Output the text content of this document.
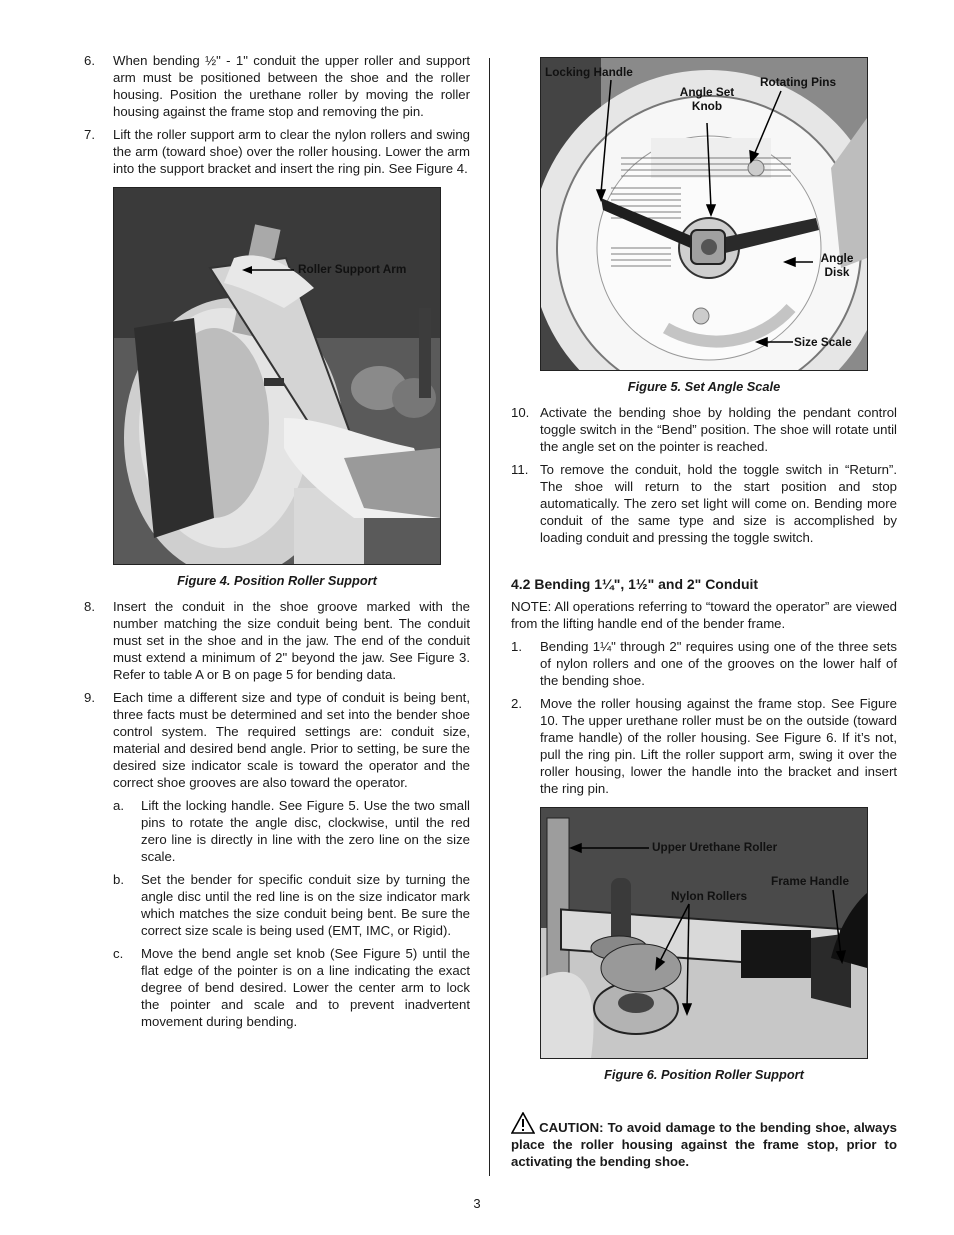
6. When bending ½" - 1" conduit the upper roller and support arm must be positioned between the shoe and the roller housing. Position the urethane roller by moving the roller housing against the frame stop and removing the pin.
7. Lift the roller support arm to clear the nylon rollers and swing the arm (toward shoe) over the roller housing. Lower the arm into the support bracket and insert the ring pin. See Figure 4.
Roller Support Arm
Figure 4. Position Roller Support
8. Insert the conduit in the shoe groove marked with the number matching the size conduit being bent. The conduit must set in the shoe and in the jaw. The end of the conduit must extend a minimum of 2" beyond the jaw. See Figure 3. Refer to table A or B on page 5 for bending data.
9. Each time a different size and type of conduit is being bent, three facts must be determined and set into the bender shoe control system. The required settings are: conduit size, material and desired bend angle. Prior to setting, be sure the desired size indicator scale is toward the operator and the correct shoe grooves are also toward the operator.
a. Lift the locking handle. See Figure 5. Use the two small pins to rotate the angle disc, clockwise, until the red zero line is directly in line with the zero line on the size scale.
b. Set the bender for specific conduit size by turning the angle disc until the red line is on the size indicator mark which matches the size conduit being bent. Be sure the correct size scale is being used (EMT, IMC, or Rigid).
c. Move the bend angle set knob (See Figure 5) until the flat edge of the pointer is on a line indicating the exact degree of bend desired. Lower the center arm to lock the pointer and scale and to prevent inadvertent movement during bending.
Locking Handle
Angle Set Knob
Rotating Pins
Angle Disk
Size Scale
Figure 5. Set Angle Scale
10. Activate the bending shoe by holding the pendant control toggle switch in the “Bend” position. The shoe will rotate until the angle set on the pointer is reached.
11. To remove the conduit, hold the toggle switch in “Return”. The shoe will return to the start position and stop automatically. The zero set light will come on. Bending more conduit of the same type and size is accomplished by loading conduit and pressing the toggle switch.
4.2 Bending 1¼", 1½" and 2" Conduit
NOTE: All operations referring to “toward the operator” are viewed from the lifting handle end of the bender frame.
1. Bending 1¼" through 2" requires using one of the three sets of nylon rollers and one of the grooves on the lower half of the bending shoe.
2. Move the roller housing against the frame stop. See Figure 10. The upper urethane roller must be on the outside (toward frame handle) of the roller housing. See Figure 6. If it’s not, pull the ring pin. Lift the roller support arm, swing it over the roller housing, lower the handle into the bracket and insert the ring pin.
Upper Urethane Roller
Frame Handle
Nylon Rollers
Figure 6. Position Roller Support
CAUTION: To avoid damage to the bending shoe, always place the roller housing against the frame stop, prior to activating the bending shoe.
3
